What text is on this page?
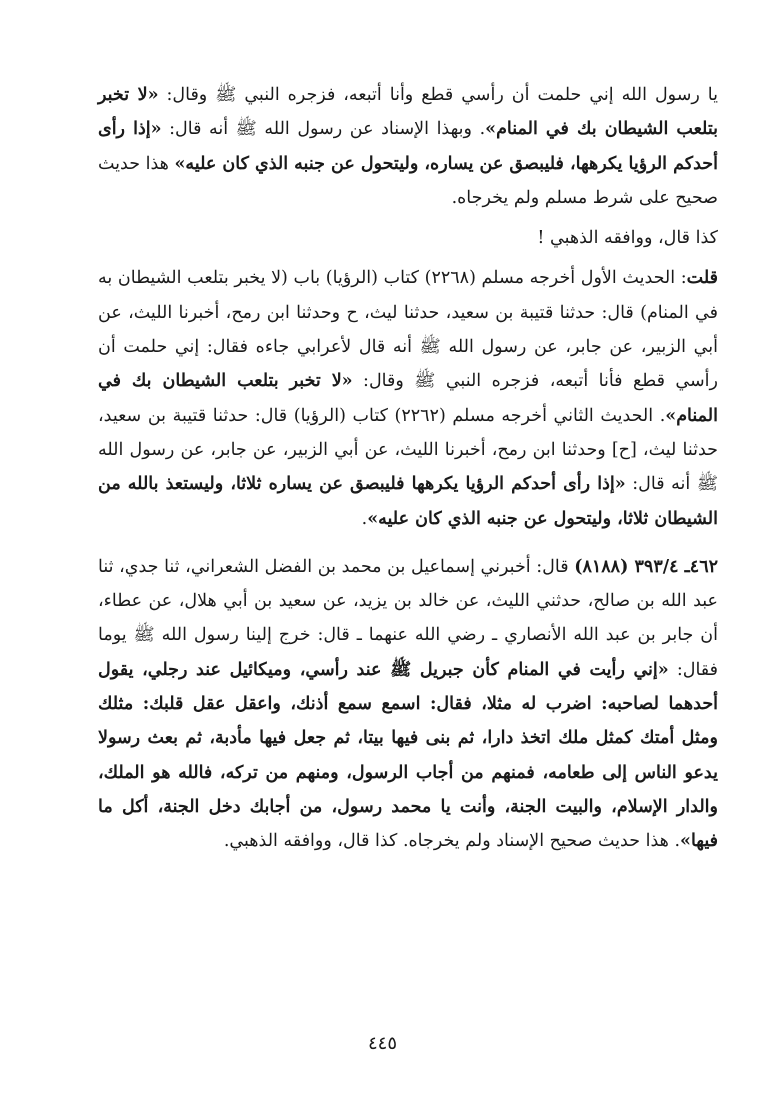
يا رسول الله إني حلمت أن رأسي قطع وأنا أتبعه، فزجره النبي ﷺ وقال: «لا تخبر بتلعب الشيطان بك في المنام». وبهذا الإسناد عن رسول الله ﷺ أنه قال: «إذا رأى أحدكم الرؤيا يكرهها، فليبصق عن يساره، وليتحول عن جنبه الذي كان عليه» هذا حديث صحيح على شرط مسلم ولم يخرجاه.

كذا قال، ووافقه الذهبي !

قلت: الحديث الأول أخرجه مسلم (٢٢٦٨) كتاب (الرؤيا) باب (لا يخبر بتلعب الشيطان به في المنام) قال: حدثنا قتيبة بن سعيد، حدثنا ليث، ح وحدثنا ابن رمح، أخبرنا الليث، عن أبي الزبير، عن جابر، عن رسول الله ﷺ أنه قال لأعرابي جاءه فقال: إني حلمت أن رأسي قطع فأنا أتبعه، فزجره النبي ﷺ وقال: «لا تخبر بتلعب الشيطان بك في المنام». الحديث الثاني أخرجه مسلم (٢٢٦٢) كتاب (الرؤيا) قال: حدثنا قتيبة بن سعيد، حدثنا ليث، [ح] وحدثنا ابن رمح، أخبرنا الليث، عن أبي الزبير، عن جابر، عن رسول الله ﷺ أنه قال: «إذا رأى أحدكم الرؤيا يكرهها فليبصق عن يساره ثلاثا، وليستعذ بالله من الشيطان ثلاثا، وليتحول عن جنبه الذي كان عليه».

٤٦٢ـ ٣٩٣/٤ (٨١٨٨) قال: أخبرني إسماعيل بن محمد بن الفضل الشعراني، ثنا جدي، ثنا عبد الله بن صالح، حدثني الليث، عن خالد بن يزيد، عن سعيد بن أبي هلال، عن عطاء، أن جابر بن عبد الله الأنصاري ـ رضي الله عنهما ـ قال: خرج إلينا رسول الله ﷺ يوما فقال: «إني رأيت في المنام كأن جبريل ﷺ عند رأسي، وميكائيل عند رجلي، يقول أحدهما لصاحبه: اضرب له مثلا، فقال: اسمع سمع أذنك، واعقل عقل قلبك: مثلك ومثل أمتك كمثل ملك اتخذ دارا، ثم بنى فيها بيتا، ثم جعل فيها مأدبة، ثم بعث رسولا يدعو الناس إلى طعامه، فمنهم من أجاب الرسول، ومنهم من تركه، فالله هو الملك، والدار الإسلام، والبيت الجنة، وأنت يا محمد رسول، من أجابك دخل الجنة، أكل ما فيها». هذا حديث صحيح الإسناد ولم يخرجاه. كذا قال، ووافقه الذهبي.

٤٤٥
